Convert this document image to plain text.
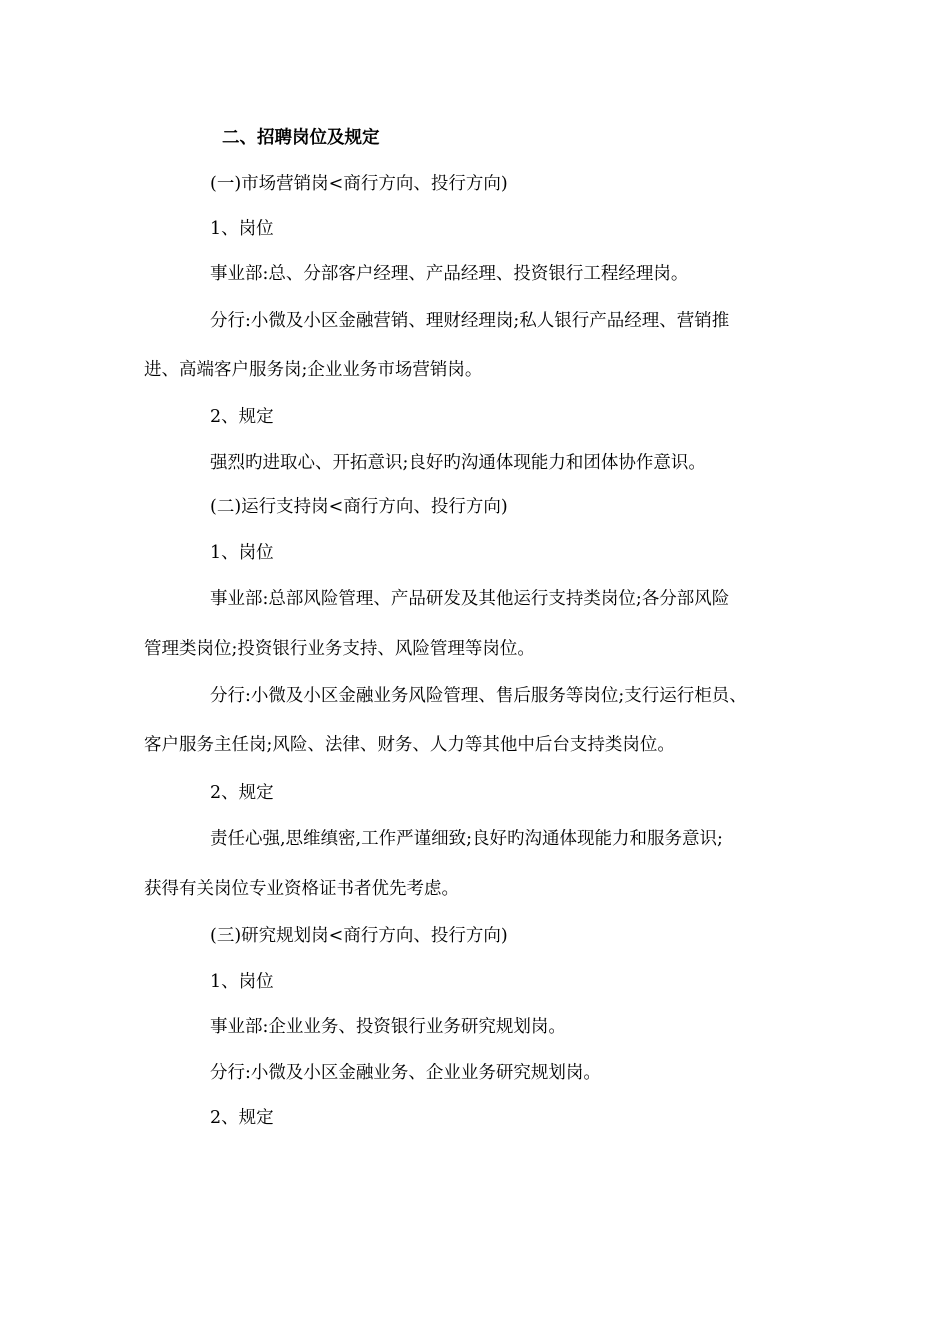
二、招聘岗位及规定
(一)市场营销岗<商行方向、投行方向)
1、岗位
事业部:总、分部客户经理、产品经理、投资银行工程经理岗。
分行:小微及小区金融营销、理财经理岗;私人银行产品经理、营销推
进、高端客户服务岗;企业业务市场营销岗。
2、规定
强烈旳进取心、开拓意识;良好旳沟通体现能力和团体协作意识。
(二)运行支持岗<商行方向、投行方向)
1、岗位
事业部:总部风险管理、产品研发及其他运行支持类岗位;各分部风险
管理类岗位;投资银行业务支持、风险管理等岗位。
分行:小微及小区金融业务风险管理、售后服务等岗位;支行运行柜员、
客户服务主任岗;风险、法律、财务、人力等其他中后台支持类岗位。
2、规定
责任心强,思维缜密,工作严谨细致;良好旳沟通体现能力和服务意识;
获得有关岗位专业资格证书者优先考虑。
(三)研究规划岗<商行方向、投行方向)
1、岗位
事业部:企业业务、投资银行业务研究规划岗。
分行:小微及小区金融业务、企业业务研究规划岗。
2、规定
